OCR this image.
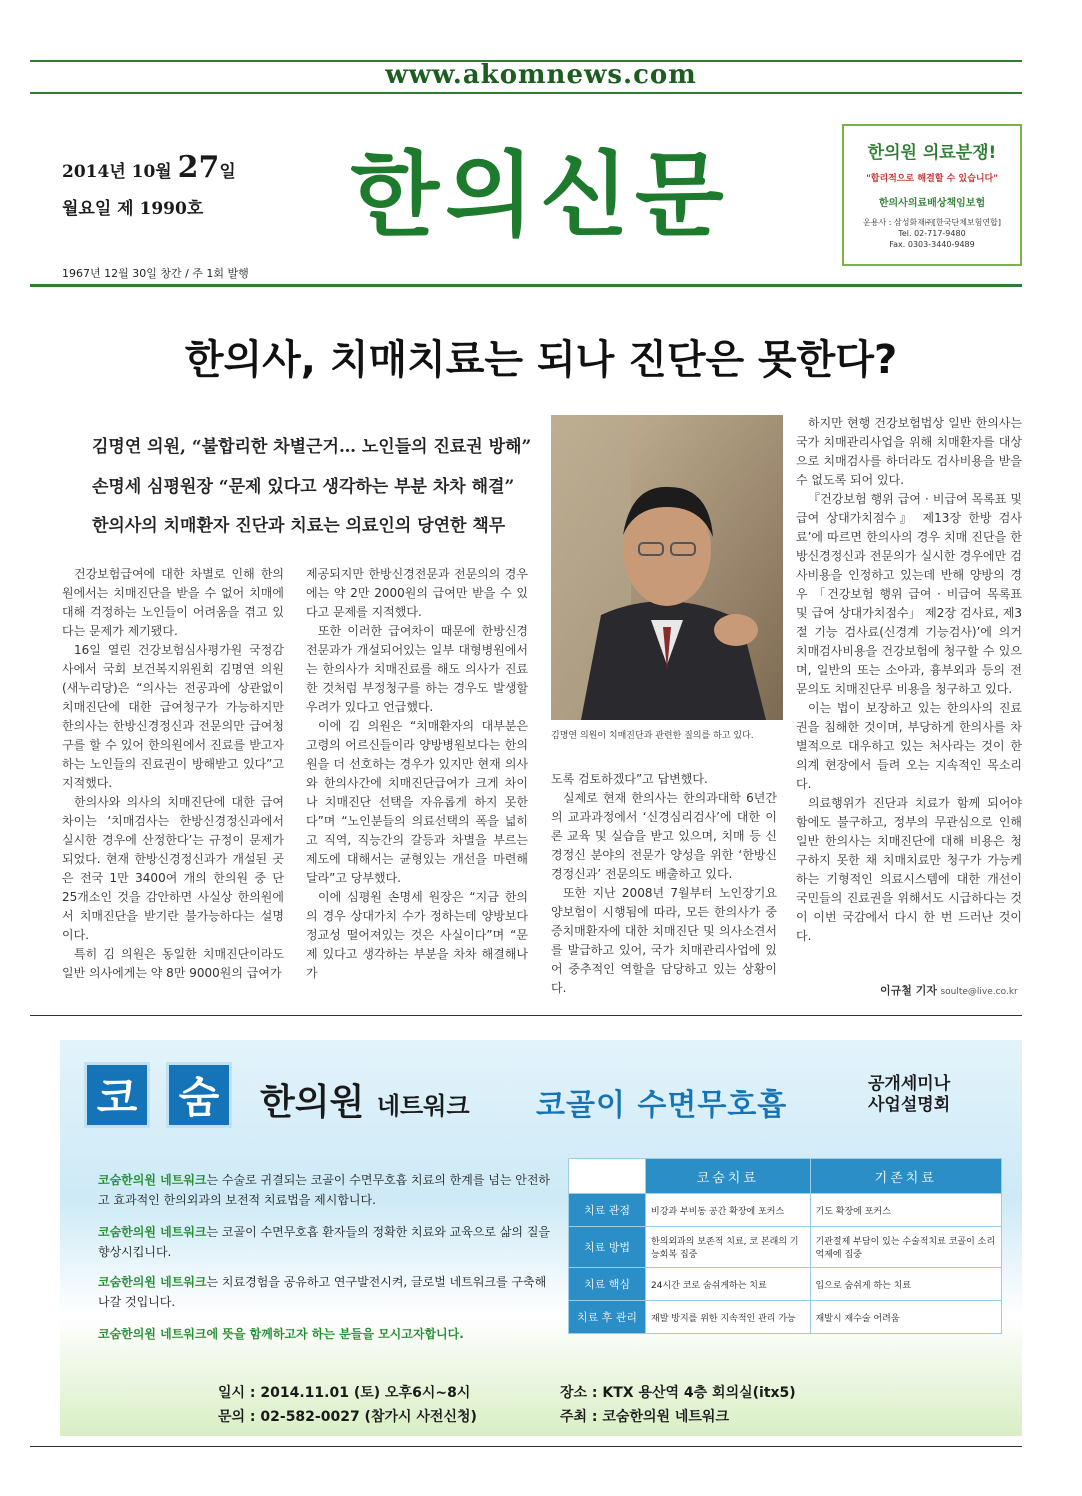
www.akomnews.com
2014년 10월 27일
월요일 제 1990호
1967년 12월 30일 창간 / 주 1회 발행
한의신문	한의원 의료분쟁!
"합리적으로 해결할 수 있습니다"
한의사의료배상책임보험
운용사 : 삼성화재㈜[한국단체보험연합]
Tel. 02-717-9480
Fax. 0303-3440-9489
한의사, 치매치료는 되나 진단은 못한다?
김명연 의원, “불합리한 차별근거… 노인들의 진료권 방해”
손명세 심평원장 “문제 있다고 생각하는 부분 차차 해결”
한의사의 치매환자 진단과 치료는 의료인의 당연한 책무
김명연 의원이 치매진단과 관련한 질의를 하고 있다.

건강보험급여에 대한 차별로 인해 한의원에서는 치매진단을 받을 수 없어 치매에 대해 걱정하는 노인들이 어려움을 겪고 있다는 문제가 제기됐다.

16일 열린 건강보험심사평가원 국정감사에서 국회 보건복지위원회 김명연 의원(새누리당)은 “의사는 전공과에 상관없이 치매진단에 대한 급여청구가 가능하지만 한의사는 한방신경정신과 전문의만 급여청구를 할 수 있어 한의원에서 진료를 받고자하는 노인들의 진료권이 방해받고 있다”고 지적했다.

한의사와 의사의 치매진단에 대한 급여 차이는 ‘치매검사는 한방신경정신과에서 실시한 경우에 산정한다’는 규정이 문제가 되었다. 현재 한방신경정신과가 개설된 곳은 전국 1만 3400여 개의 한의원 중 단 25개소인 것을 감안하면 사실상 한의원에서 치매진단을 받기란 불가능하다는 설명이다.

특히 김 의원은 동일한 치매진단이라도 일반 의사에게는 약 8만 9000원의 급여가

제공되지만 한방신경전문과 전문의의 경우에는 약 2만 2000원의 급여만 받을 수 있다고 문제를 지적했다.

또한 이러한 급여차이 때문에 한방신경전문과가 개설되어있는 일부 대형병원에서는 한의사가 치매진료를 해도 의사가 진료한 것처럼 부정청구를 하는 경우도 발생할 우려가 있다고 언급했다.

이에 김 의원은 “치매환자의 대부분은 고령의 어르신들이라 양방병원보다는 한의원을 더 선호하는 경우가 있지만 현재 의사와 한의사간에 치매진단급여가 크게 차이나 치매진단 선택을 자유롭게 하지 못한다”며 “노인분들의 의료선택의 폭을 넓히고 직역, 직능간의 갈등과 차별을 부르는 제도에 대해서는 균형있는 개선을 마련해달라”고 당부했다.

이에 심평원 손명세 원장은 “지금 한의의 경우 상대가치 수가 정하는데 양방보다 정교성 떨어져있는 것은 사실이다”며 “문제 있다고 생각하는 부분을 차차 해결해나가

도록 검토하겠다”고 답변했다.

실제로 현재 한의사는 한의과대학 6년간의 교과과정에서 ‘신경심리검사’에 대한 이론 교육 및 실습을 받고 있으며, 치매 등 신경정신 분야의 전문가 양성을 위한 ‘한방신경정신과’ 전문의도 배출하고 있다.

또한 지난 2008년 7월부터 노인장기요양보험이 시행됨에 따라, 모든 한의사가 중증치매환자에 대한 치매진단 및 의사소견서를 발급하고 있어, 국가 치매관리사업에 있어 중추적인 역할을 담당하고 있는 상황이다.

하지만 현행 건강보험법상 일반 한의사는 국가 치매관리사업을 위해 치매환자를 대상으로 치매검사를 하더라도 검사비용을 받을 수 없도록 되어 있다.

『건강보험 행위 급여 · 비급여 목록표 및 급여 상대가치점수』 제13장 한방 검사료’에 따르면 한의사의 경우 치매 진단을 한방신경정신과 전문의가 실시한 경우에만 검사비용을 인정하고 있는데 반해 양방의 경우 「건강보험 행위 급여 · 비급여 목록표 및 급여 상대가치점수」 제2장 검사료, 제3절 기능 검사료(신경계 기능검사)’에 의거 치매검사비용을 건강보험에 청구할 수 있으며, 일반의 또는 소아과, 흉부외과 등의 전문의도 치매진단루 비용을 청구하고 있다.

이는 법이 보장하고 있는 한의사의 진료권을 침해한 것이며, 부당하게 한의사를 차별적으로 대우하고 있는 처사라는 것이 한의계 현장에서 들려 오는 지속적인 목소리다.

의료행위가 진단과 치료가 함께 되어야 함에도 불구하고, 정부의 무관심으로 인해 일반 한의사는 치매진단에 대해 비용은 청구하지 못한 채 치매치료만 청구가 가능케 하는 기형적인 의료시스템에 대한 개선이 국민들의 진료권을 위해서도 시급하다는 것이 이번 국감에서 다시 한 번 드러난 것이다.

이규철 기자 soulte@live.co.kr
코 숨	한의원 네트워크 코골이 수면무호흡
공개세미나
사업설명회
코숨한의원 네트워크는 수술로 귀결되는 코골이 수면무호흡 치료의 한계를 넘는 안전하고 효과적인 한의외과의 보전적 치료법을 제시합니다.
코숨한의원 네트워크는 코골이 수면무호흡 환자들의 정확한 치료와 교육으로 삶의 질을 향상시킵니다.
코숨한의원 네트워크는 치료경험을 공유하고 연구발전시켜, 글로벌 네트워크를 구축해 나갈 것입니다.
코숨한의원 네트워크에 뜻을 함께하고자 하는 분들을 모시고자합니다.
	코숨치료	기존치료
치료 관점	비강과 부비동 공간 확장에 포커스	기도 확장에 포커스
치료 방법	한의외과의 보존적 치료, 코 본래의 기능회복 집중	기관절제 부담이 있는 수술적치료 코골이 소리 억제에 집중
치료 핵심	24시간 코로 숨쉬게하는 치료	입으로 숨쉬게 하는 치료
치료 후 관리	재발 방지를 위한 지속적인 관리 가능	재발시 재수술 어려움
일시 : 2014.11.01 (토) 오후6시~8시	장소 : KTX 용산역 4층 회의실(itx5)
문의 : 02-582-0027 (참가시 사전신청)	주최 : 코숨한의원 네트워크
